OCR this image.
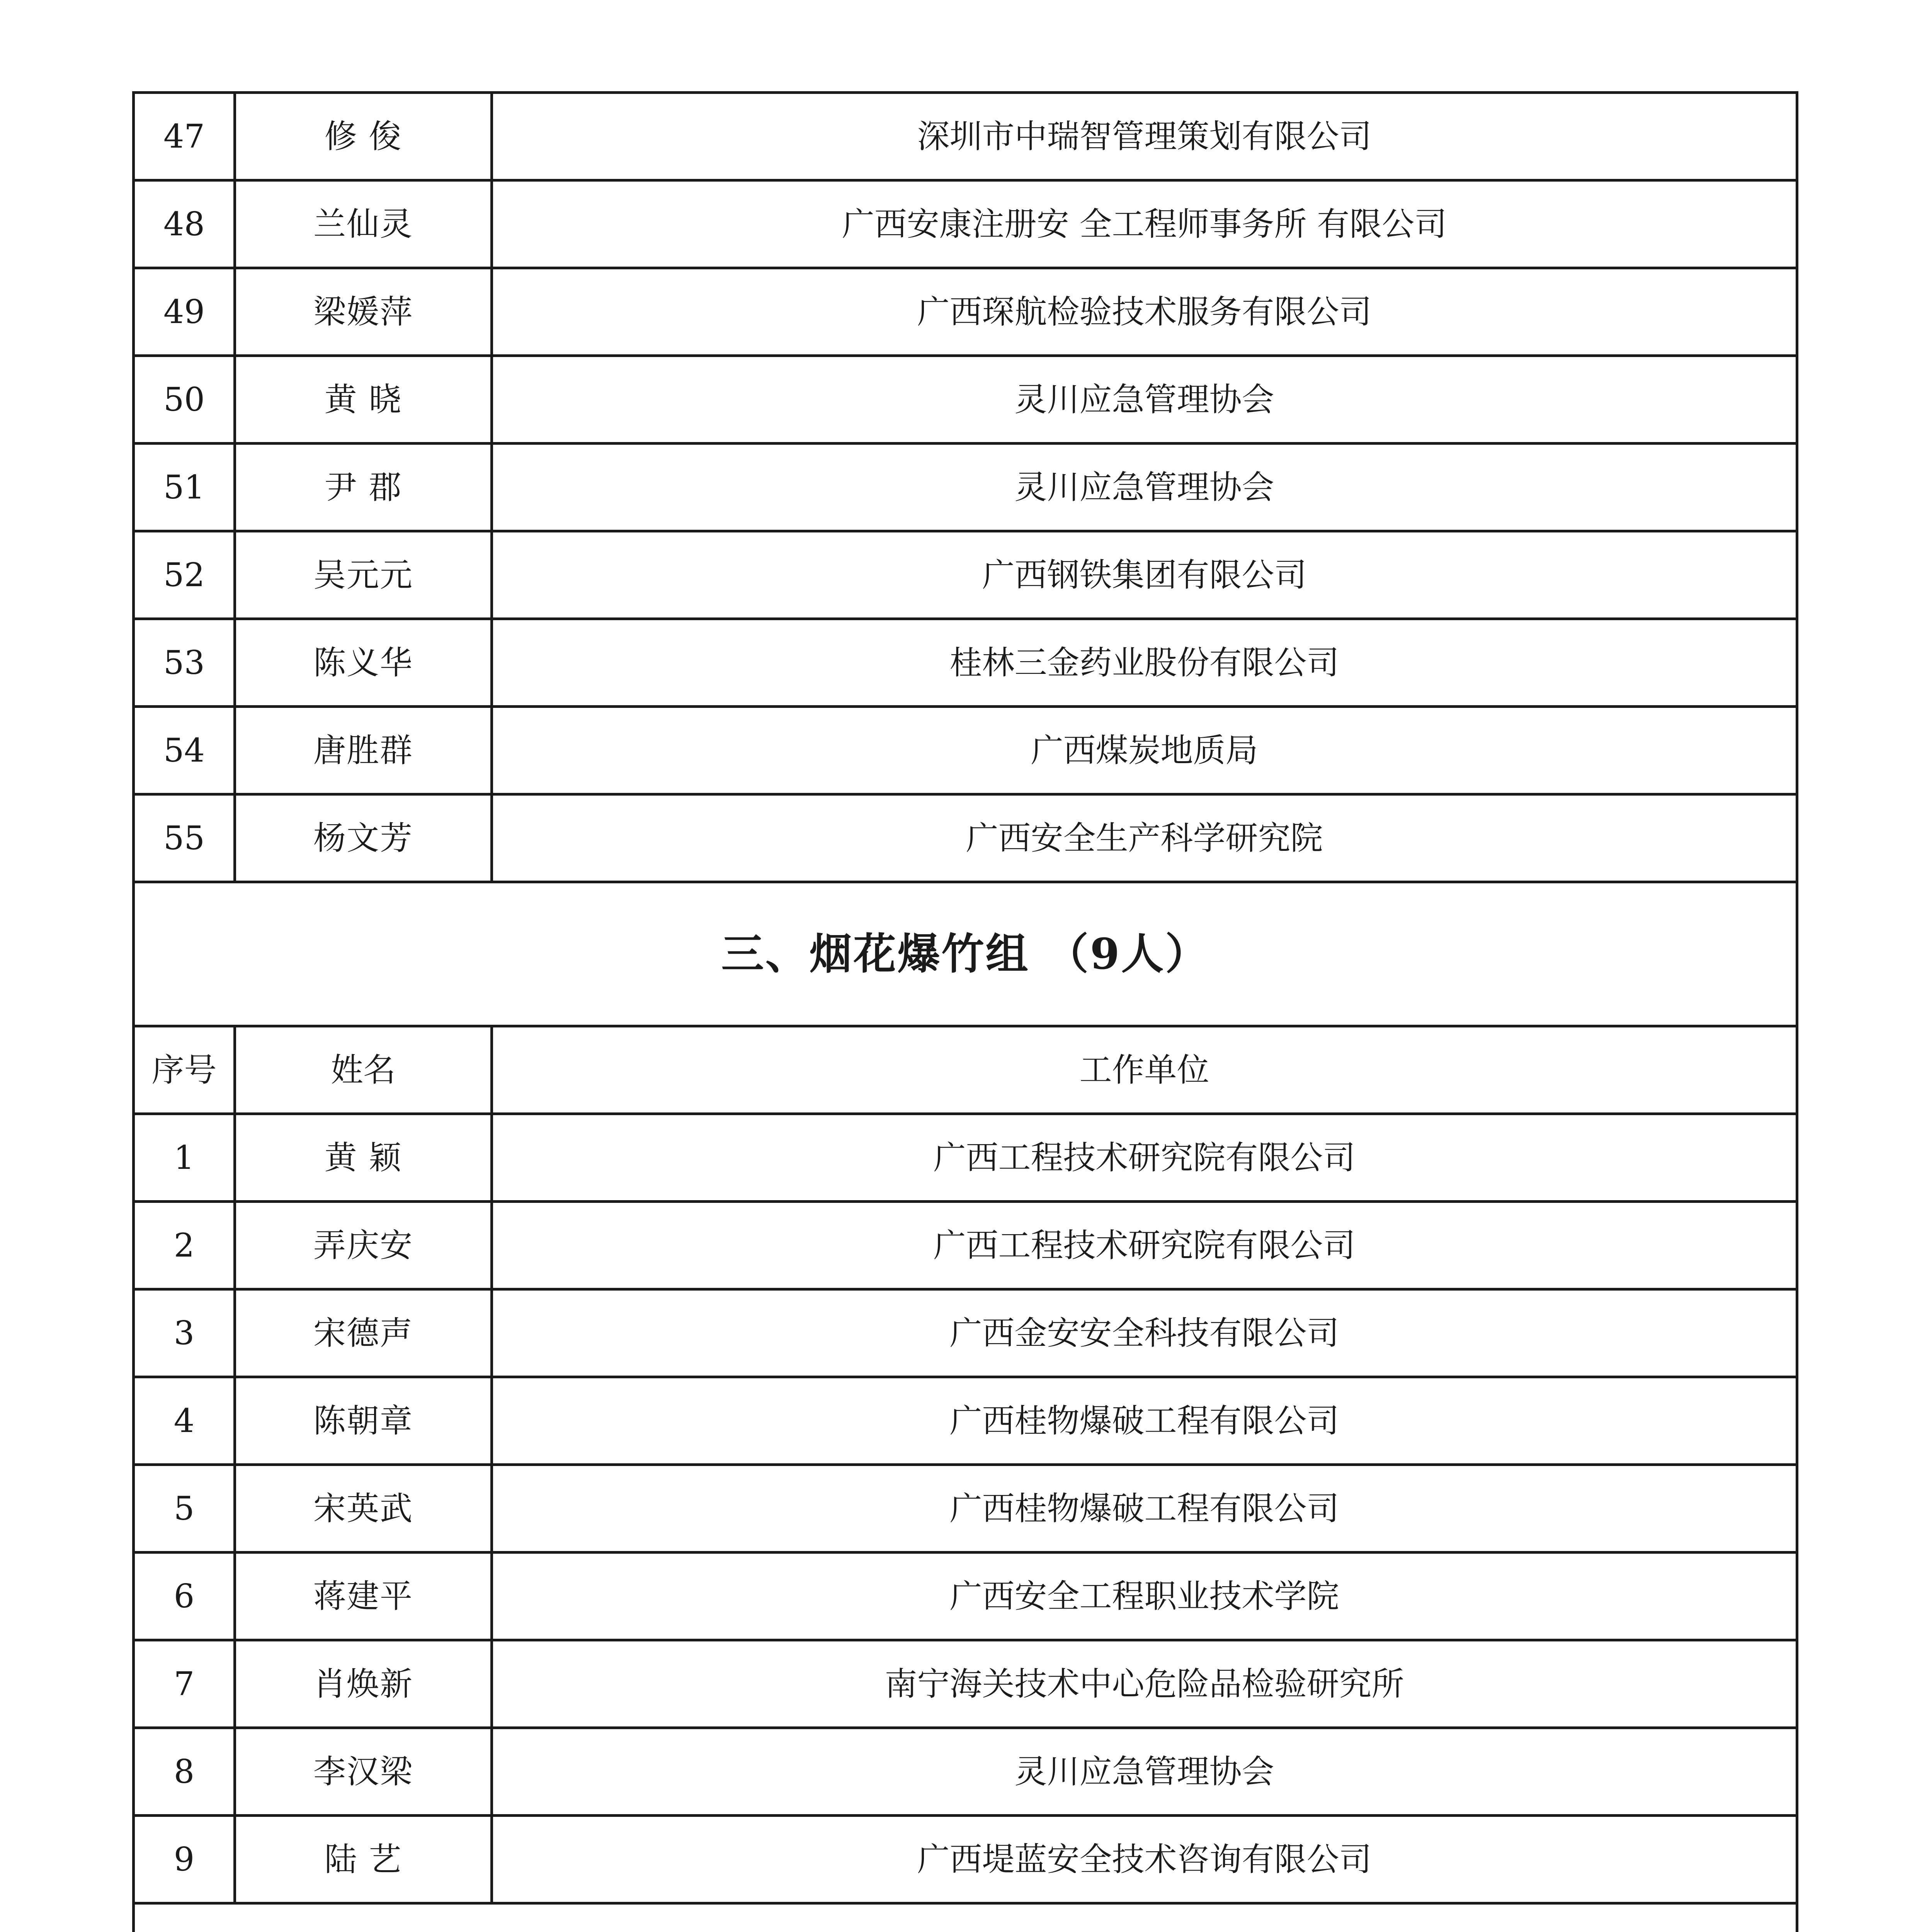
47	修 俊	深圳市中瑞智管理策划有限公司
48	兰仙灵	广西安康注册安 全工程师事务所 有限公司
49	梁媛萍	广西琛航检验技术服务有限公司
50	黄 晓	灵川应急管理协会
51	尹 郡	灵川应急管理协会
52	吴元元	广西钢铁集团有限公司
53	陈义华	桂林三金药业股份有限公司
54	唐胜群	广西煤炭地质局
55	杨文芳	广西安全生产科学研究院
三、烟花爆竹组 （9人）		
序号	姓名	工作单位
1	黄 颖	广西工程技术研究院有限公司
2	弄庆安	广西工程技术研究院有限公司
3	宋德声	广西金安安全科技有限公司
4	陈朝章	广西桂物爆破工程有限公司
5	宋英武	广西桂物爆破工程有限公司
6	蒋建平	广西安全工程职业技术学院
7	肖焕新	南宁海关技术中心危险品检验研究所
8	李汉梁	灵川应急管理协会
9	陆 艺	广西堤蓝安全技术咨询有限公司
